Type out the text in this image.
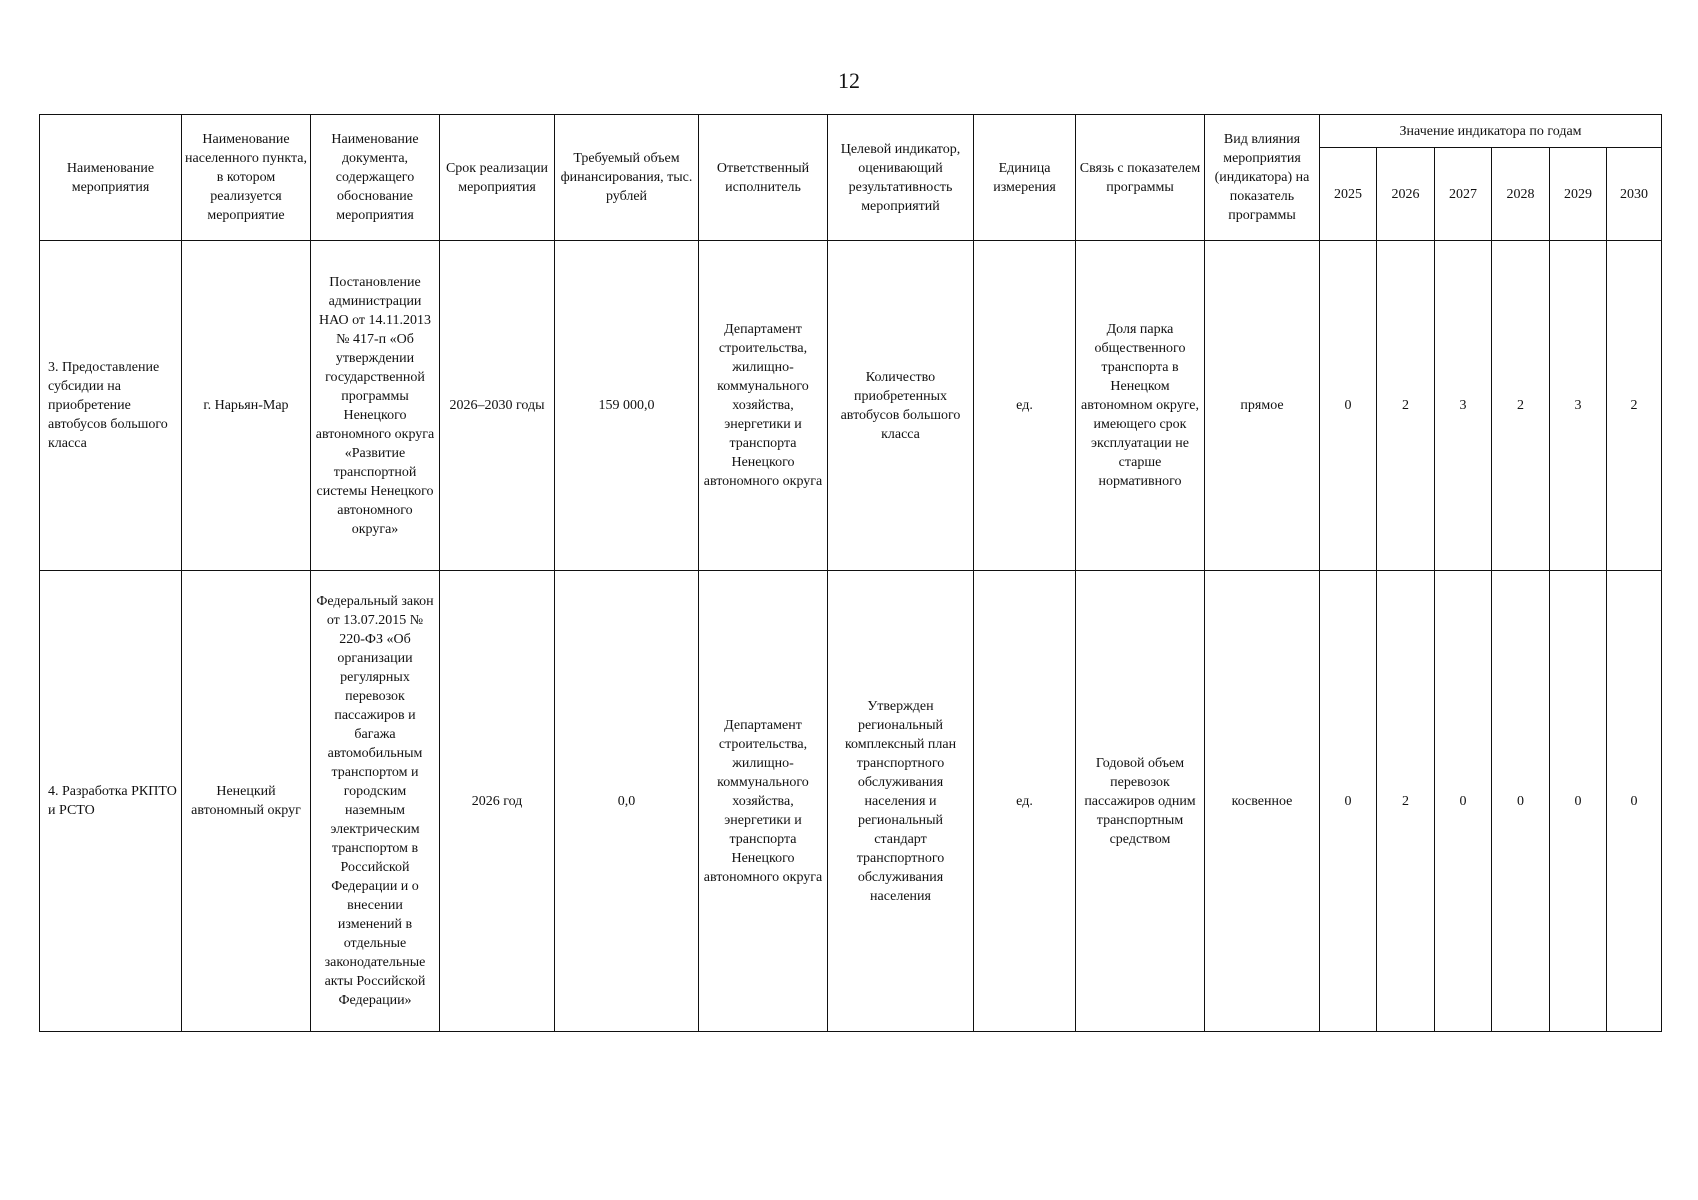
12
Наименование мероприятия	Наименование населенного пункта, в котором реализуется мероприятие	Наименование документа, содержащего обоснование мероприятия	Срок реализации мероприятия	Требуемый объем финансирования, тыс. рублей	Ответственный исполнитель	Целевой индикатор, оценивающий результативность мероприятий	Единица измерения	Связь с показателем программы	Вид влияния мероприятия (индикатора) на показатель программы	Значение индикатора по годам					
										2025	2026	2027	2028	2029	2030
3. Предоставление субсидии на приобретение автобусов большого класса	г. Нарьян-Мар	Постановление администрации НАО от 14.11.2013 № 417-п «Об утверждении государственной программы Ненецкого автономного округа «Развитие транспортной системы Ненецкого автономного округа»	2026–2030 годы	159 000,0	Департамент строительства, жилищно-коммунального хозяйства, энергетики и транспорта Ненецкого автономного округа	Количество приобретенных автобусов большого класса	ед.	Доля парка общественного транспорта в Ненецком автономном округе, имеющего срок эксплуатации не старше нормативного	прямое	0	2	3	2	3	2
4. Разработка РКПТО и РСТО	Ненецкий автономный округ	Федеральный закон от 13.07.2015 № 220-ФЗ «Об организации регулярных перевозок пассажиров и багажа автомобильным транспортом и городским наземным электрическим транспортом в Российской Федерации и о внесении изменений в отдельные законодательные акты Российской Федерации»	2026 год	0,0	Департамент строительства, жилищно-коммунального хозяйства, энергетики и транспорта Ненецкого автономного округа	Утвержден региональный комплексный план транспортного обслуживания населения и региональный стандарт транспортного обслуживания населения	ед.	Годовой объем перевозок пассажиров одним транспортным средством	косвенное	0	2	0	0	0	0
